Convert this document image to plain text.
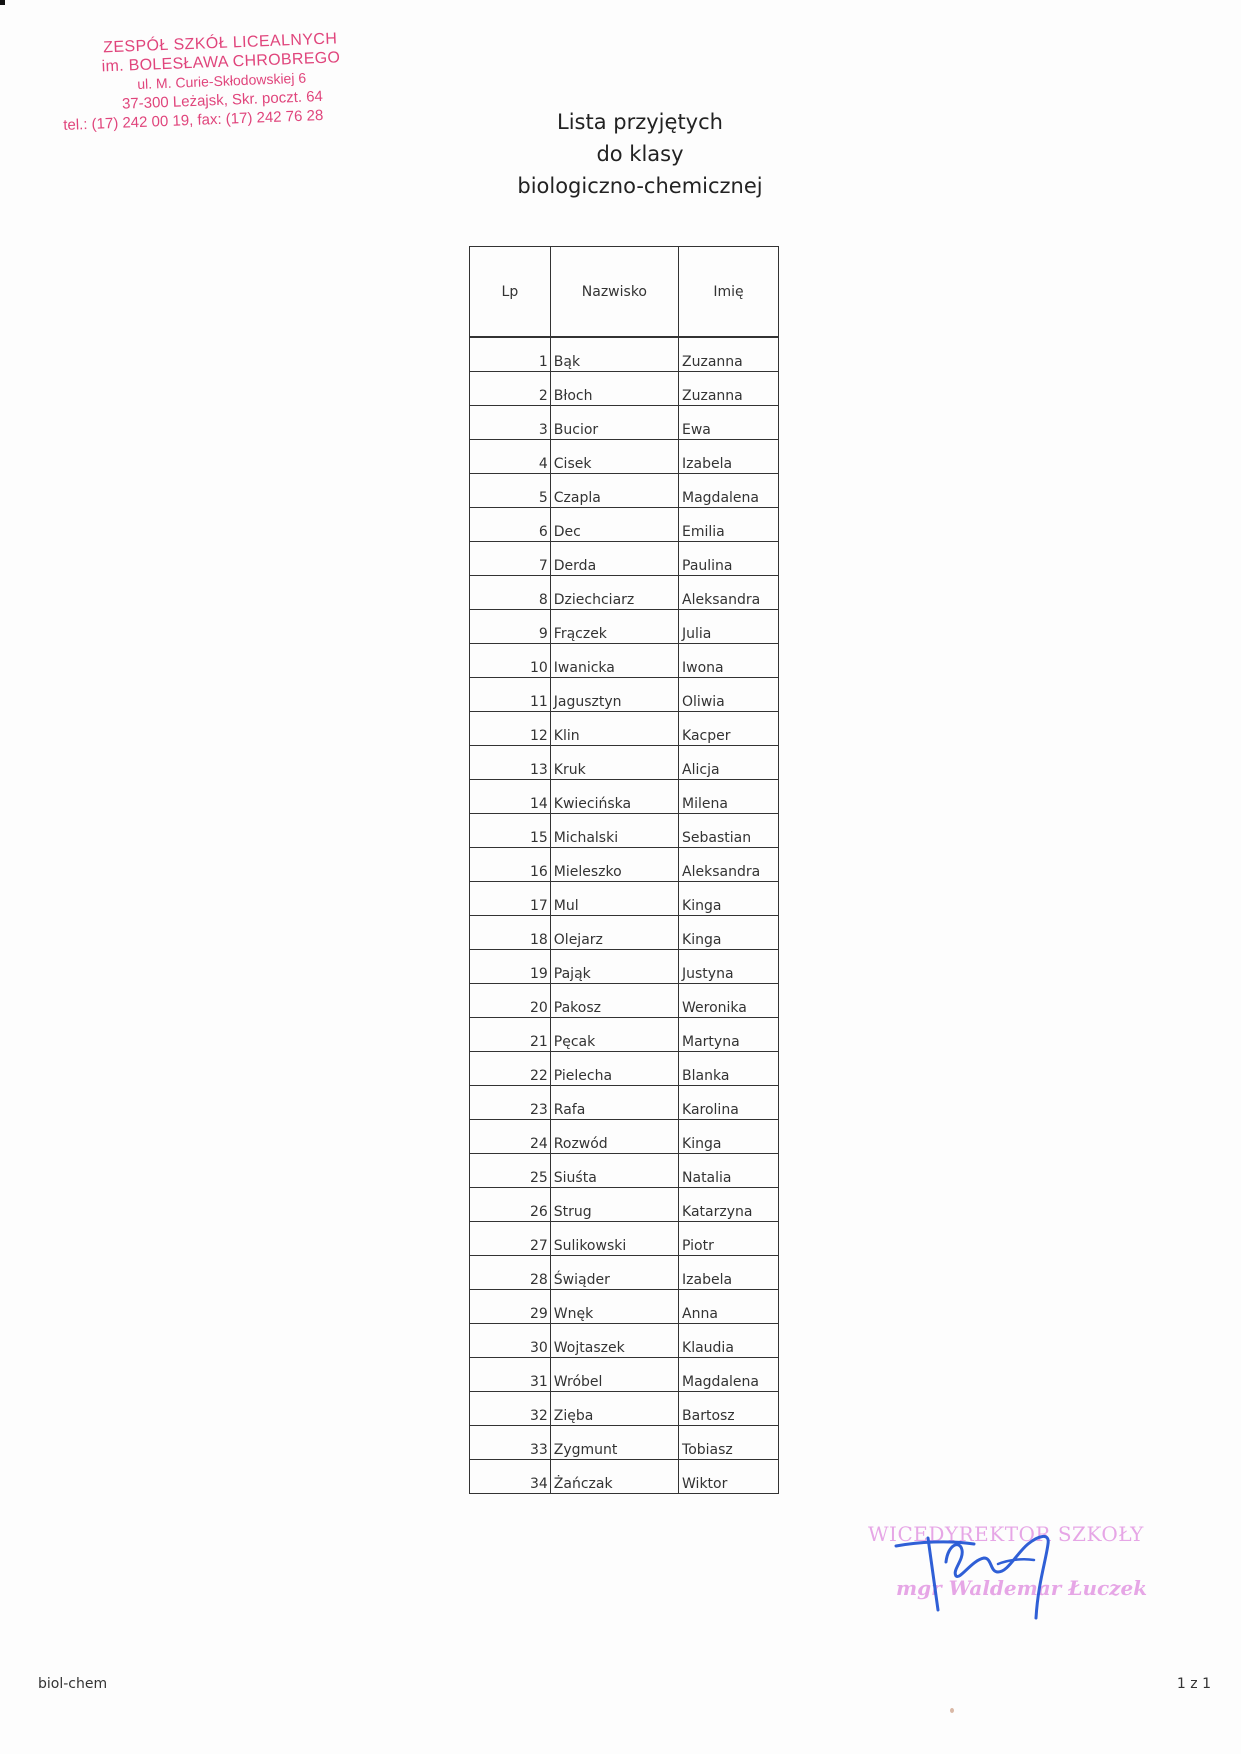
ZESPÓŁ SZKÓŁ LICEALNYCH
im. BOLESŁAWA CHROBREGO
ul. M. Curie-Skłodowskiej 6
37-300 Leżajsk, Skr. poczt. 64
tel.: (17) 242 00 19, fax: (17) 242 76 28	Lista przyjętych
do klasy
biologiczno-chemicznej
Lp	Nazwisko	Imię

1	Bąk	Zuzanna
2	Błoch	Zuzanna
3	Bucior	Ewa
4	Cisek	Izabela
5	Czapla	Magdalena
6	Dec	Emilia
7	Derda	Paulina
8	Dziechciarz	Aleksandra
9	Frączek	Julia
10	Iwanicka	Iwona
11	Jagusztyn	Oliwia
12	Klin	Kacper
13	Kruk	Alicja
14	Kwiecińska	Milena
15	Michalski	Sebastian
16	Mieleszko	Aleksandra
17	Mul	Kinga
18	Olejarz	Kinga
19	Pająk	Justyna
20	Pakosz	Weronika
21	Pęcak	Martyna
22	Pielecha	Blanka
23	Rafa	Karolina
24	Rozwód	Kinga
25	Siuśta	Natalia
26	Strug	Katarzyna
27	Sulikowski	Piotr
28	Świąder	Izabela
29	Wnęk	Anna
30	Wojtaszek	Klaudia
31	Wróbel	Magdalena
32	Zięba	Bartosz
33	Zygmunt	Tobiasz
34	Żańczak	Wiktor
WICEDYREKTOR SZKOŁY
mgr Waldemar Łuczek
biol-chem	1 z 1
